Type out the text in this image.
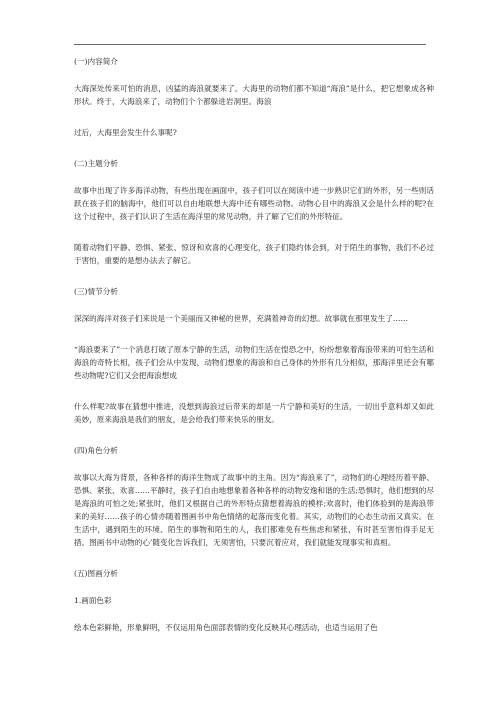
(一)内容简介

大海深处传来可怕的消息，凶猛的海浪就要来了。大海里的动物们都不知道“海浪”是什么，把它想象成各种形状。终于，大海浪来了，动物们个个都躲进岩洞里。海浪

过后，大海里会发生什么事呢?

(二)主题分析

故事中出现了许多海洋动物，有些出现在画面中，孩子们可以在阅读中进一步熟识它们的外形，另一些则话跃在孩子们的脑海中，他们可以自由地联想大海中还有哪些动物。动物心目中的海浪又会是什么样的呢?在这个过程中，孩子们认识了生活在海洋里的常见动物，并了解了它们的外形特征。

随着动物们平静、恐惧、紧张、惊讶和欢喜的心理变化，孩子们隐约体会到，对于陌生的事物，我们不必过于害怕，重要的是想办法去了解它。

(三)情节分析

深深的海洋对孩子们来说是一个美丽而又神秘的世界，充满着神奇的幻想。故事就在那里发生了……

“海浪要来了”一个消息打破了原本宁静的生活，动物们生活在惶恐之中，纷纷想象着海浪带来的可怕生活和海浪的奇特长相，孩子们会从中发现，动物们想象的海浪和自己身体的外形有几分相似，那海洋里还会有哪些动物呢?它们又会把海浪想成

什么样呢?故事在猜想中推进，没想到海浪过后带来的却是一片宁静和美好的生活，一切出乎意料却又如此美妙，原来海浪是我们的朋友，是会给我们带来快乐的朋友。

(四)角色分析

故事以大海为背景，各种各样的海洋生物成了故事中的主角。因为“海浪来了”，动物们的心理经历着平静、恐惧、紧张、欢喜……平静时，孩子们自由地想象着各种各样的动物安逸和谐的生活;恐惧时，他们想到的尽是海浪的可怕之处;紧张时，他们又根据自己的外形特点猜想着海浪的模样;欢喜时，他们体验到的是海浪带来的美好……孩子的心情亦随着图画书中角色情绪的起落而变化着。其实，动物们的心态生动而又真实。在生活中，遇到陌生的环境、陌生的事物和陌生的人，我们都难免有些焦虑和紧张，有时甚至害怕得手足无措。图画书中动物的心’随变化告诉我们，无须害怕，只要沉着应对，我们就能发现事实和真相。

(五)图画分析

1.画面色彩

绘本色彩鲜艳，形象鲜明，不仅运用角色面部表情的变化反映其心理活动，也适当运用了色
